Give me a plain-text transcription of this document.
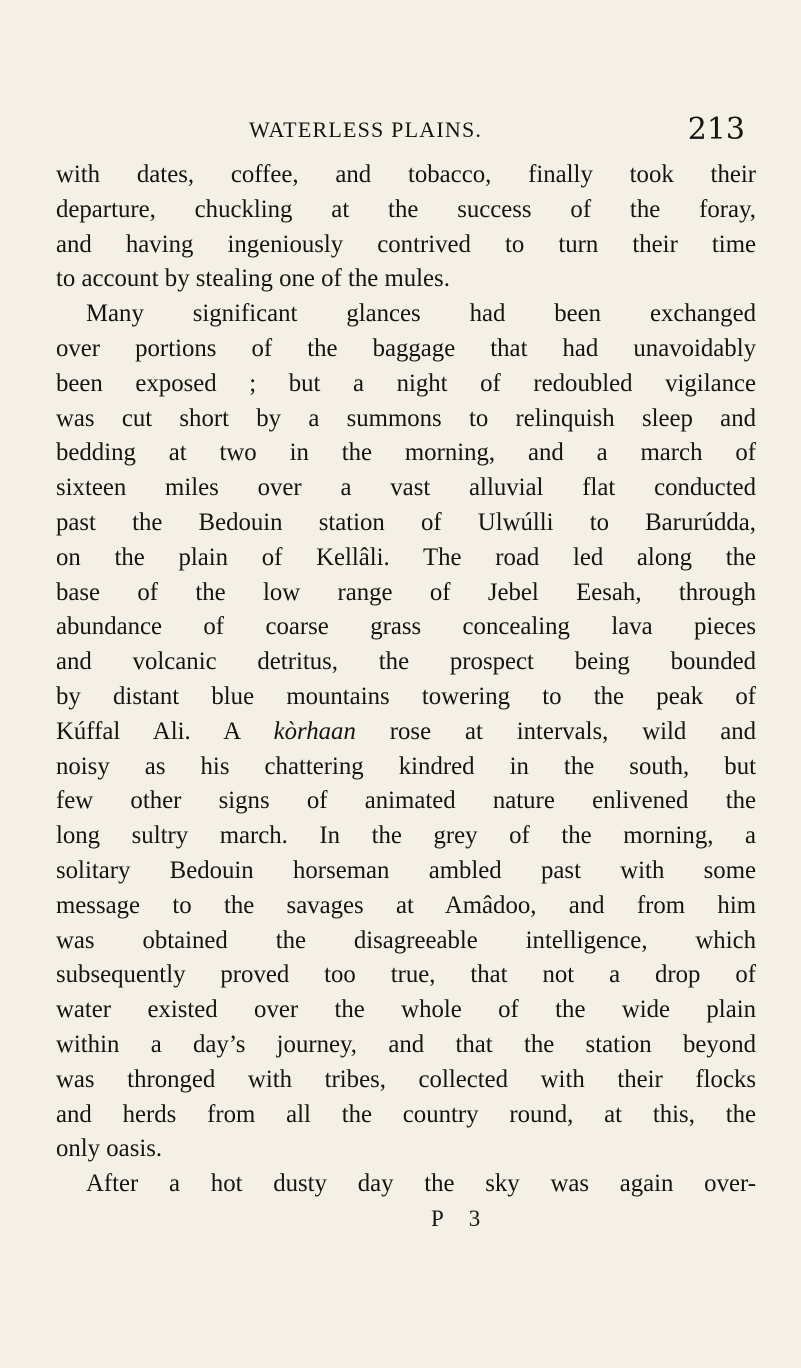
WATERLESS PLAINS.	213
with dates, coffee, and tobacco, finally took their
departure, chuckling at the success of the foray,
and having ingeniously contrived to turn their time
to account by stealing one of the mules.
Many significant glances had been exchanged
over portions of the baggage that had unavoidably
been exposed ; but a night of redoubled vigilance
was cut short by a summons to relinquish sleep and
bedding at two in the morning, and a march of
sixteen miles over a vast alluvial flat conducted
past the Bedouin station of Ulwúlli to Barurúdda,
on the plain of Kellâli. The road led along the
base of the low range of Jebel Eesah, through
abundance of coarse grass concealing lava pieces
and volcanic detritus, the prospect being bounded
by distant blue mountains towering to the peak of
Kúffal Ali. A kòrhaan rose at intervals, wild and
noisy as his chattering kindred in the south, but
few other signs of animated nature enlivened the
long sultry march. In the grey of the morning, a
solitary Bedouin horseman ambled past with some
message to the savages at Amâdoo, and from him
was obtained the disagreeable intelligence, which
subsequently proved too true, that not a drop of
water existed over the whole of the wide plain
within a day’s journey, and that the station beyond
was thronged with tribes, collected with their flocks
and herds from all the country round, at this, the
only oasis.
After a hot dusty day the sky was again over-
P 3
